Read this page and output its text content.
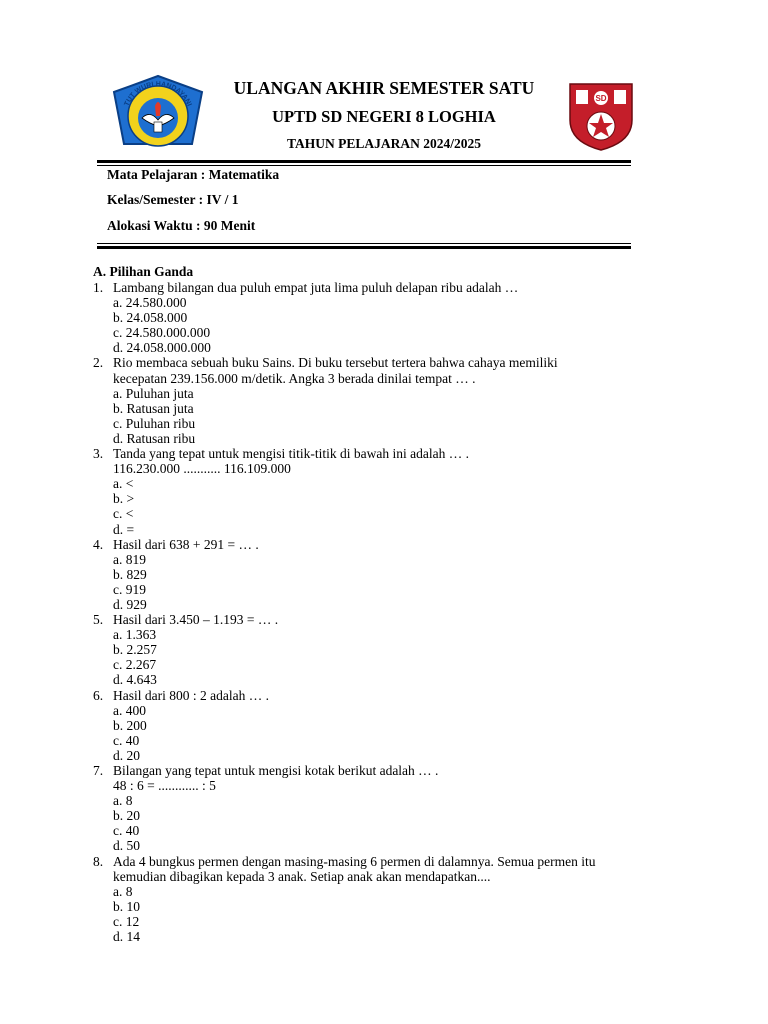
TUT WURI HANDAYANI
SD
ULANGAN AKHIR SEMESTER SATU
UPTD SD NEGERI 8 LOGHIA
TAHUN PELAJARAN 2024/2025
Mata Pelajaran : Matematika
Kelas/Semester : IV / 1
Alokasi Waktu : 90 Menit
A. Pilihan Ganda
1. Lambang bilangan dua puluh empat juta lima puluh delapan ribu adalah …
a. 24.580.000
b. 24.058.000
c. 24.580.000.000
d. 24.058.000.000
2. Rio membaca sebuah buku Sains. Di buku tersebut tertera bahwa cahaya memiliki
kecepatan 239.156.000 m/detik. Angka 3 berada dinilai tempat … .
a. Puluhan juta
b. Ratusan juta
c. Puluhan ribu
d. Ratusan ribu
3. Tanda yang tepat untuk mengisi titik-titik di bawah ini adalah … .
116.230.000 ........... 116.109.000
a. <
b. >
c. <
d. =
4. Hasil dari 638 + 291 = … .
a. 819
b. 829
c. 919
d. 929
5. Hasil dari 3.450 – 1.193 = … .
a. 1.363
b. 2.257
c. 2.267
d. 4.643
6. Hasil dari 800 : 2 adalah … .
a. 400
b. 200
c. 40
d. 20
7. Bilangan yang tepat untuk mengisi kotak berikut adalah … .
48 : 6 = ............ : 5
a. 8
b. 20
c. 40
d. 50
8. Ada 4 bungkus permen dengan masing-masing 6 permen di dalamnya. Semua permen itu
kemudian dibagikan kepada 3 anak. Setiap anak akan mendapatkan....
a. 8
b. 10
c. 12
d. 14
